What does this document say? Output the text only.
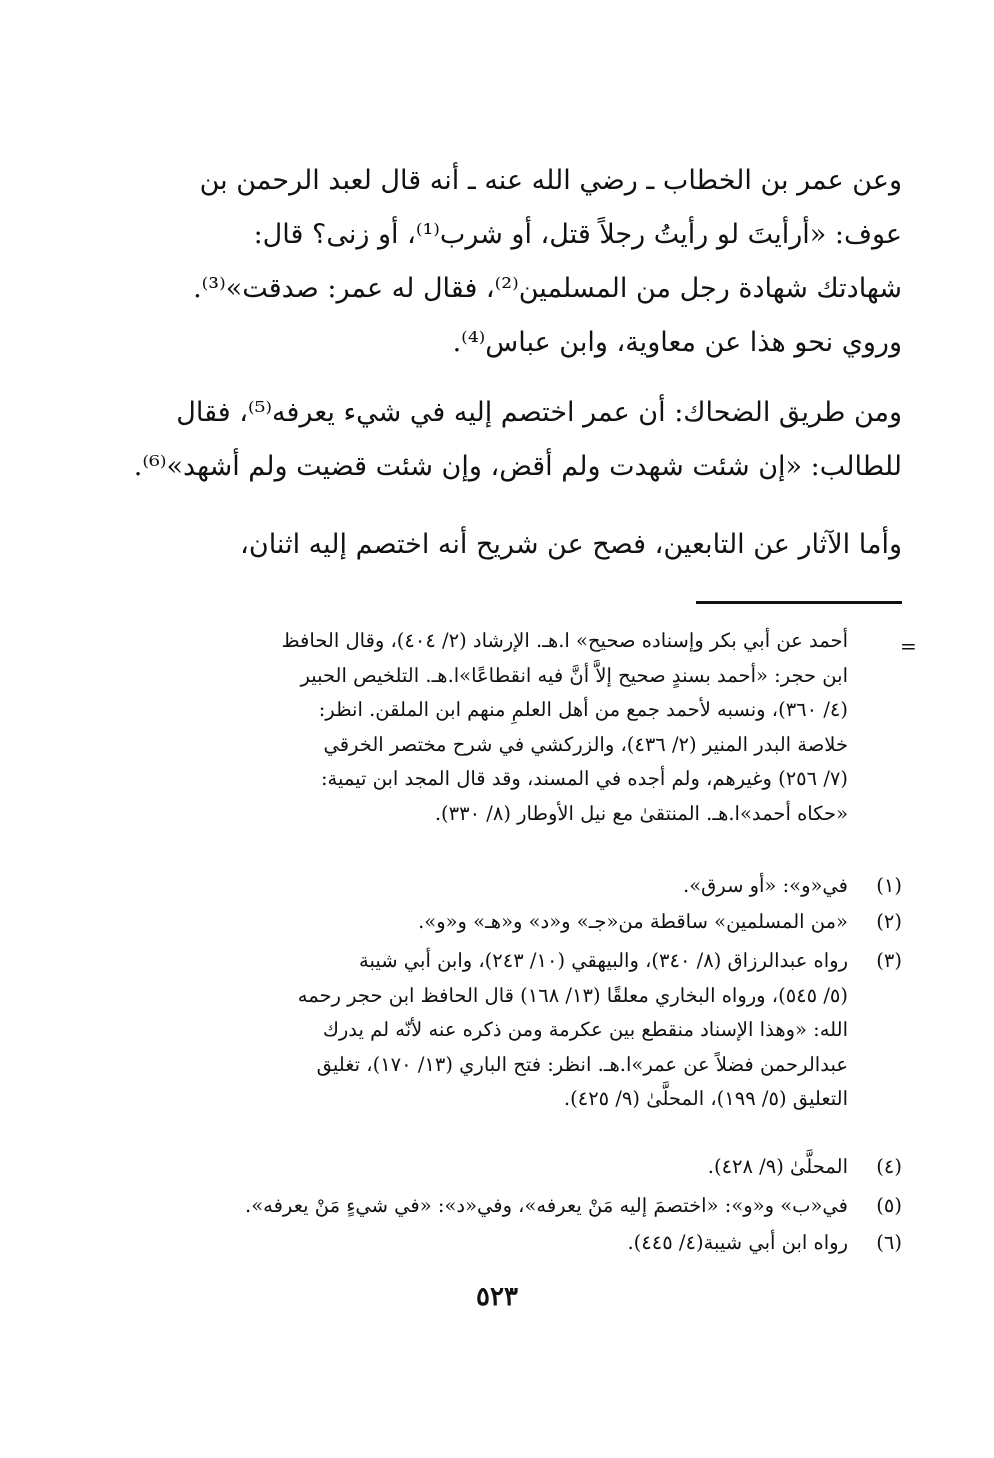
وعن عمر بن الخطاب ـ رضي الله عنه ـ أنه قال لعبد الرحمن بن
عوف: «أرأيتَ لو رأيتُ رجلاً قتل، أو شرب⁽¹⁾، أو زنى؟ قال:
شهادتك شهادة رجل من المسلمين⁽²⁾، فقال له عمر: صدقت»⁽³⁾.
وروي نحو هذا عن معاوية، وابن عباس⁽⁴⁾.
ومن طريق الضحاك: أن عمر اختصم إليه في شيء يعرفه⁽⁵⁾، فقال
للطالب: «إن شئت شهدت ولم أقض، وإن شئت قضيت ولم أشهد»⁽⁶⁾.
وأما الآثار عن التابعين، فصح عن شريح أنه اختصم إليه اثنان،
=
أحمد عن أبي بكر وإسناده صحيح» ا.هـ. الإرشاد (٢/ ٤٠٤)، وقال الحافظ
ابن حجر: «أحمد بسندٍ صحيح إلاَّ أنَّ فيه انقطاعًا»ا.هـ. التلخيص الحبير
(٤/ ٣٦٠)، ونسبه لأحمد جمع من أهل العلمِ منهم ابن الملقن. انظر:
خلاصة البدر المنير (٢/ ٤٣٦)، والزركشي في شرح مختصر الخرقي
(٧/ ٢٥٦) وغيرهم، ولم أجده في المسند، وقد قال المجد ابن تيمية:
«حكاه أحمد»ا.هـ. المنتقىٰ مع نيل الأوطار (٨/ ٣٣٠).
(١)
في«و»: «أو سرق».
(٢)
«من المسلمين» ساقطة من«جـ» و«د» و«هـ» و«و».
(٣)
رواه عبدالرزاق (٨/ ٣٤٠)، والبيهقي (١٠/ ٢٤٣)، وابن أبي شيبة
(٥/ ٥٤٥)، ورواه البخاري معلقًا (١٣/ ١٦٨) قال الحافظ ابن حجر رحمه
الله: «وهذا الإسناد منقطع بين عكرمة ومن ذكره عنه لأنّه لم يدرك
عبدالرحمن فضلاً عن عمر»ا.هـ. انظر: فتح الباري (١٣/ ١٧٠)، تغليق
التعليق (٥/ ١٩٩)، المحلَّىٰ (٩/ ٤٢٥).
(٤)
المحلَّىٰ (٩/ ٤٢٨).
(٥)
في«ب» و«و»: «اختصمَ إليه مَنْ يعرفه»، وفي«د»: «في شيءٍ مَنْ يعرفه».
(٦)
رواه ابن أبي شيبة(٤/ ٤٤٥).
٥٢٣
